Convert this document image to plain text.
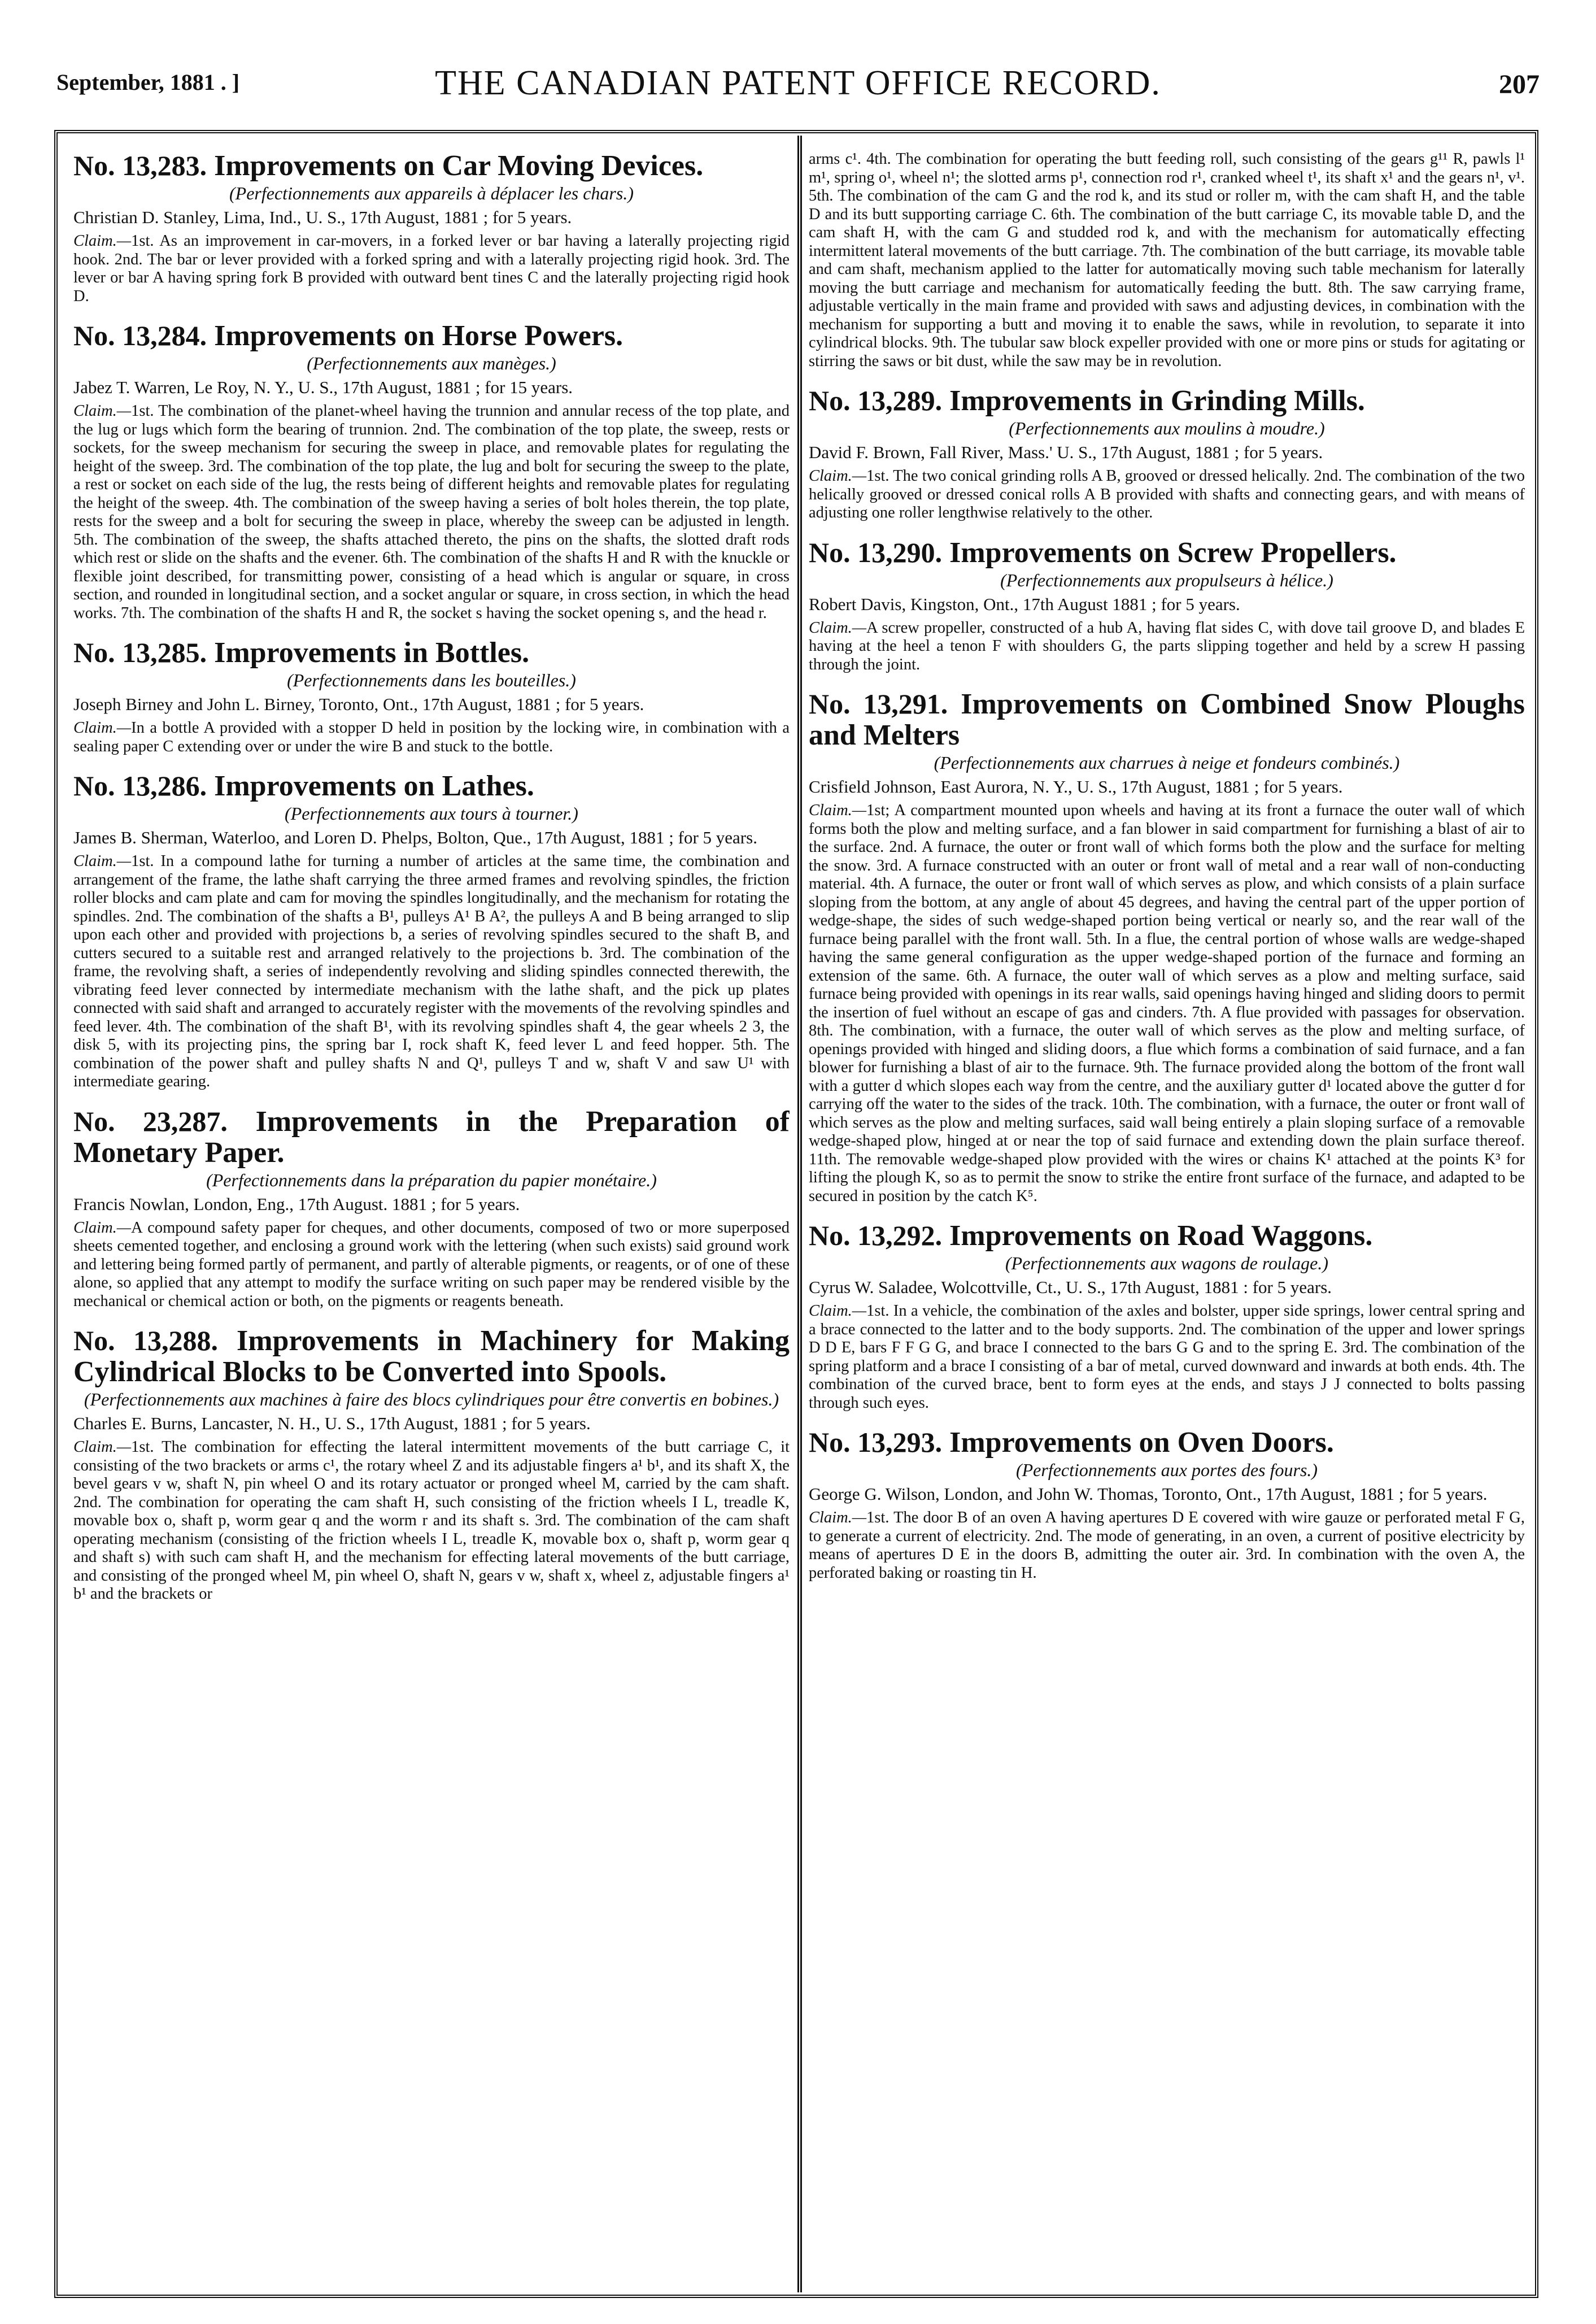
September, 1881 . ]	THE CANADIAN PATENT OFFICE RECORD.	207
No. 13,283. Improvements on Car Moving Devices.
(Perfectionnements aux appareils à déplacer les chars.)
Christian D. Stanley, Lima, Ind., U. S., 17th August, 1881 ; for 5 years.

Claim.—1st. As an improvement in car-movers, in a forked lever or bar having a laterally projecting rigid hook. 2nd. The bar or lever provided with a forked spring and with a laterally projecting rigid hook. 3rd. The lever or bar A having spring fork B provided with outward bent tines C and the laterally projecting rigid hook D.

No. 13,284. Improvements on Horse Powers.
(Perfectionnements aux manèges.)
Jabez T. Warren, Le Roy, N. Y., U. S., 17th August, 1881 ; for 15 years.

Claim.—1st. The combination of the planet-wheel having the trunnion and annular recess of the top plate, and the lug or lugs which form the bearing of trunnion. 2nd. The combination of the top plate, the sweep, rests or sockets, for the sweep mechanism for securing the sweep in place, and removable plates for regulating the height of the sweep. 3rd. The combination of the top plate, the lug and bolt for securing the sweep to the plate, a rest or socket on each side of the lug, the rests being of different heights and removable plates for regulating the height of the sweep. 4th. The combination of the sweep having a series of bolt holes therein, the top plate, rests for the sweep and a bolt for securing the sweep in place, whereby the sweep can be adjusted in length. 5th. The combination of the sweep, the shafts attached thereto, the pins on the shafts, the slotted draft rods which rest or slide on the shafts and the evener. 6th. The combination of the shafts H and R with the knuckle or flexible joint described, for transmitting power, consisting of a head which is angular or square, in cross section, and rounded in longitudinal section, and a socket angular or square, in cross section, in which the head works. 7th. The combination of the shafts H and R, the socket s having the socket opening s, and the head r.

No. 13,285. Improvements in Bottles.
(Perfectionnements dans les bouteilles.)
Joseph Birney and John L. Birney, Toronto, Ont., 17th August, 1881 ; for 5 years.

Claim.—In a bottle A provided with a stopper D held in position by the locking wire, in combination with a sealing paper C extending over or under the wire B and stuck to the bottle.

No. 13,286. Improvements on Lathes.
(Perfectionnements aux tours à tourner.)
James B. Sherman, Waterloo, and Loren D. Phelps, Bolton, Que., 17th August, 1881 ; for 5 years.

Claim.—1st. In a compound lathe for turning a number of articles at the same time, the combination and arrangement of the frame, the lathe shaft carrying the three armed frames and revolving spindles, the friction roller blocks and cam plate and cam for moving the spindles longitudinally, and the mechanism for rotating the spindles. 2nd. The combination of the shafts a B¹, pulleys A¹ B A², the pulleys A and B being arranged to slip upon each other and provided with projections b, a series of revolving spindles secured to the shaft B, and cutters secured to a suitable rest and arranged relatively to the projections b. 3rd. The combination of the frame, the revolving shaft, a series of independently revolving and sliding spindles connected therewith, the vibrating feed lever connected by intermediate mechanism with the lathe shaft, and the pick up plates connected with said shaft and arranged to accurately register with the movements of the revolving spindles and feed lever. 4th. The combination of the shaft B¹, with its revolving spindles shaft 4, the gear wheels 2 3, the disk 5, with its projecting pins, the spring bar I, rock shaft K, feed lever L and feed hopper. 5th. The combination of the power shaft and pulley shafts N and Q¹, pulleys T and w, shaft V and saw U¹ with intermediate gearing.

No. 23,287. Improvements in the Preparation of Monetary Paper.
(Perfectionnements dans la préparation du papier monétaire.)
Francis Nowlan, London, Eng., 17th August. 1881 ; for 5 years.

Claim.—A compound safety paper for cheques, and other documents, composed of two or more superposed sheets cemented together, and enclosing a ground work with the lettering (when such exists) said ground work and lettering being formed partly of permanent, and partly of alterable pigments, or reagents, or of one of these alone, so applied that any attempt to modify the surface writing on such paper may be rendered visible by the mechanical or chemical action or both, on the pigments or reagents beneath.

No. 13,288. Improvements in Machinery for Making Cylindrical Blocks to be Converted into Spools.
(Perfectionnements aux machines à faire des blocs cylindriques pour être convertis en bobines.)
Charles E. Burns, Lancaster, N. H., U. S., 17th August, 1881 ; for 5 years.

Claim.—1st. The combination for effecting the lateral intermittent movements of the butt carriage C, it consisting of the two brackets or arms c¹, the rotary wheel Z and its adjustable fingers a¹ b¹, and its shaft X, the bevel gears v w, shaft N, pin wheel O and its rotary actuator or pronged wheel M, carried by the cam shaft. 2nd. The combination for operating the cam shaft H, such consisting of the friction wheels I L, treadle K, movable box o, shaft p, worm gear q and the worm r and its shaft s. 3rd. The combination of the cam shaft operating mechanism (consisting of the friction wheels I L, treadle K, movable box o, shaft p, worm gear q and shaft s) with such cam shaft H, and the mechanism for effecting lateral movements of the butt carriage, and consisting of the pronged wheel M, pin wheel O, shaft N, gears v w, shaft x, wheel z, adjustable fingers a¹ b¹ and the brackets or

arms c¹. 4th. The combination for operating the butt feeding roll, such consisting of the gears g¹¹ R, pawls l¹ m¹, spring o¹, wheel n¹; the slotted arms p¹, connection rod r¹, cranked wheel t¹, its shaft x¹ and the gears n¹, v¹. 5th. The combination of the cam G and the rod k, and its stud or roller m, with the cam shaft H, and the table D and its butt supporting carriage C. 6th. The combination of the butt carriage C, its movable table D, and the cam shaft H, with the cam G and studded rod k, and with the mechanism for automatically effecting intermittent lateral movements of the butt carriage. 7th. The combination of the butt carriage, its movable table and cam shaft, mechanism applied to the latter for automatically moving such table mechanism for laterally moving the butt carriage and mechanism for automatically feeding the butt. 8th. The saw carrying frame, adjustable vertically in the main frame and provided with saws and adjusting devices, in combination with the mechanism for supporting a butt and moving it to enable the saws, while in revolution, to separate it into cylindrical blocks. 9th. The tubular saw block expeller provided with one or more pins or studs for agitating or stirring the saws or bit dust, while the saw may be in revolution.

No. 13,289. Improvements in Grinding Mills.
(Perfectionnements aux moulins à moudre.)
David F. Brown, Fall River, Mass.' U. S., 17th August, 1881 ; for 5 years.

Claim.—1st. The two conical grinding rolls A B, grooved or dressed helically. 2nd. The combination of the two helically grooved or dressed conical rolls A B provided with shafts and connecting gears, and with means of adjusting one roller lengthwise relatively to the other.

No. 13,290. Improvements on Screw Propellers.
(Perfectionnements aux propulseurs à hélice.)
Robert Davis, Kingston, Ont., 17th August 1881 ; for 5 years.

Claim.—A screw propeller, constructed of a hub A, having flat sides C, with dove tail groove D, and blades E having at the heel a tenon F with shoulders G, the parts slipping together and held by a screw H passing through the joint.

No. 13,291. Improvements on Combined Snow Ploughs and Melters
(Perfectionnements aux charrues à neige et fondeurs combinés.)
Crisfield Johnson, East Aurora, N. Y., U. S., 17th August, 1881 ; for 5 years.

Claim.—1st; A compartment mounted upon wheels and having at its front a furnace the outer wall of which forms both the plow and melting surface, and a fan blower in said compartment for furnishing a blast of air to the surface. 2nd. A furnace, the outer or front wall of which forms both the plow and the surface for melting the snow. 3rd. A furnace constructed with an outer or front wall of metal and a rear wall of non-conducting material. 4th. A furnace, the outer or front wall of which serves as plow, and which consists of a plain surface sloping from the bottom, at any angle of about 45 degrees, and having the central part of the upper portion of wedge-shape, the sides of such wedge-shaped portion being vertical or nearly so, and the rear wall of the furnace being parallel with the front wall. 5th. In a flue, the central portion of whose walls are wedge-shaped having the same general configuration as the upper wedge-shaped portion of the furnace and forming an extension of the same. 6th. A furnace, the outer wall of which serves as a plow and melting surface, said furnace being provided with openings in its rear walls, said openings having hinged and sliding doors to permit the insertion of fuel without an escape of gas and cinders. 7th. A flue provided with passages for observation. 8th. The combination, with a furnace, the outer wall of which serves as the plow and melting surface, of openings provided with hinged and sliding doors, a flue which forms a combination of said furnace, and a fan blower for furnishing a blast of air to the furnace. 9th. The furnace provided along the bottom of the front wall with a gutter d which slopes each way from the centre, and the auxiliary gutter d¹ located above the gutter d for carrying off the water to the sides of the track. 10th. The combination, with a furnace, the outer or front wall of which serves as the plow and melting surfaces, said wall being entirely a plain sloping surface of a removable wedge-shaped plow, hinged at or near the top of said furnace and extending down the plain surface thereof. 11th. The removable wedge-shaped plow provided with the wires or chains K¹ attached at the points K³ for lifting the plough K, so as to permit the snow to strike the entire front surface of the furnace, and adapted to be secured in position by the catch K⁵.

No. 13,292. Improvements on Road Waggons.
(Perfectionnements aux wagons de roulage.)
Cyrus W. Saladee, Wolcottville, Ct., U. S., 17th August, 1881 : for 5 years.

Claim.—1st. In a vehicle, the combination of the axles and bolster, upper side springs, lower central spring and a brace connected to the latter and to the body supports. 2nd. The combination of the upper and lower springs D D E, bars F F G G, and brace I connected to the bars G G and to the spring E. 3rd. The combination of the spring platform and a brace I consisting of a bar of metal, curved downward and inwards at both ends. 4th. The combination of the curved brace, bent to form eyes at the ends, and stays J J connected to bolts passing through such eyes.

No. 13,293. Improvements on Oven Doors.
(Perfectionnements aux portes des fours.)
George G. Wilson, London, and John W. Thomas, Toronto, Ont., 17th August, 1881 ; for 5 years.

Claim.—1st. The door B of an oven A having apertures D E covered with wire gauze or perforated metal F G, to generate a current of electricity. 2nd. The mode of generating, in an oven, a current of positive electricity by means of apertures D E in the doors B, admitting the outer air. 3rd. In combination with the oven A, the perforated baking or roasting tin H.
